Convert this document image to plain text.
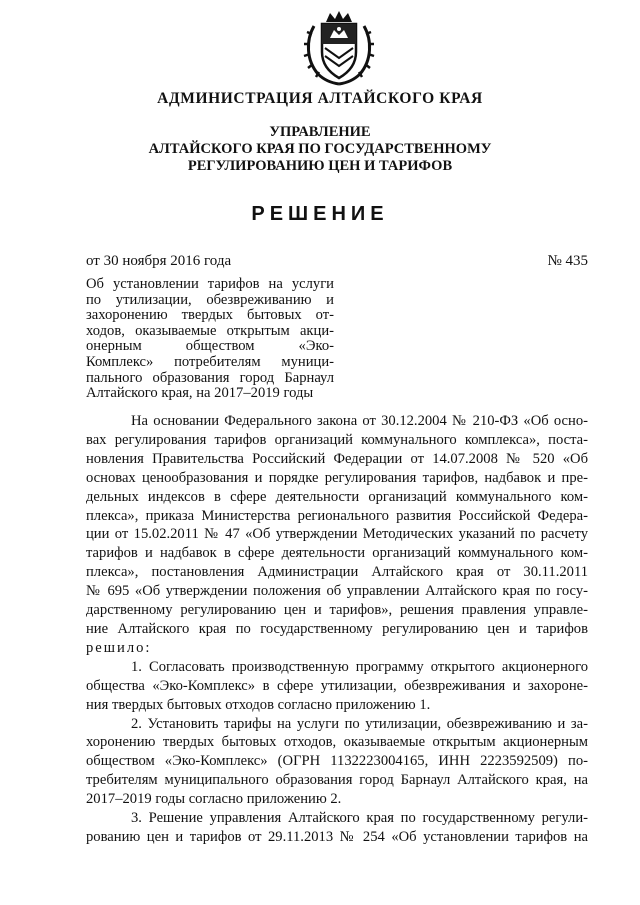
АДМИНИСТРАЦИЯ АЛТАЙСКОГО КРАЯ
УПРАВЛЕНИЕ
АЛТАЙСКОГО КРАЯ ПО ГОСУДАРСТВЕННОМУ
РЕГУЛИРОВАНИЮ ЦЕН И ТАРИФОВ
РЕШЕНИЕ
от 30 ноября 2016 года	№ 435
Об установлении тарифов на услуги
по утилизации, обезвреживанию и
захоронению твердых бытовых от-
ходов, оказываемые открытым акци-
онерным обществом «Эко-
Комплекс» потребителям муници-
пального образования город Барнаул
Алтайского края, на 2017–2019 годы
На основании Федерального закона от 30.12.2004 № 210-ФЗ «Об осно-
вах регулирования тарифов организаций коммунального комплекса», поста-
новления Правительства Российский Федерации от 14.07.2008 № 520 «Об
основах ценообразования и порядке регулирования тарифов, надбавок и пре-
дельных индексов в сфере деятельности организаций коммунального ком-
плекса», приказа Министерства регионального развития Российской Федера-
ции от 15.02.2011 № 47 «Об утверждении Методических указаний по расчету
тарифов и надбавок в сфере деятельности организаций коммунального ком-
плекса», постановления Администрации Алтайского края от 30.11.2011
№ 695 «Об утверждении положения об управлении Алтайского края по госу-
дарственному регулированию цен и тарифов», решения правления управле-
ние Алтайского края по государственному регулированию цен и тарифов
решило:
1. Согласовать производственную программу открытого акционерного
общества «Эко-Комплекс» в сфере утилизации, обезвреживания и захороне-
ния твердых бытовых отходов согласно приложению 1.
2. Установить тарифы на услуги по утилизации, обезвреживанию и за-
хоронению твердых бытовых отходов, оказываемые открытым акционерным
обществом «Эко-Комплекс» (ОГРН 1132223004165, ИНН 2223592509) по-
требителям муниципального образования город Барнаул Алтайского края, на
2017–2019 годы согласно приложению 2.
3. Решение управления Алтайского края по государственному регули-
рованию цен и тарифов от 29.11.2013 № 254 «Об установлении тарифов на
